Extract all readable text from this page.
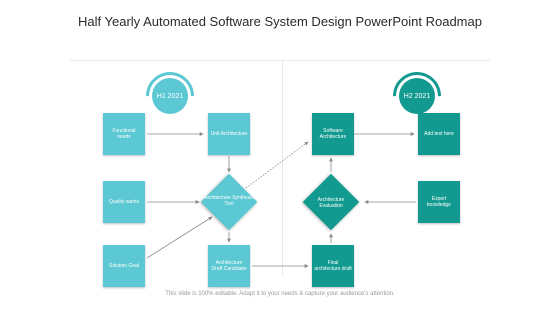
Half Yearly Automated Software System Design PowerPoint Roadmap
H1 2021	H2 2021
Functional needs
Unit Architecture
Quality wants
Solution Goal
Architecture Draft Candidate
Architecture Synthesis Tool
Software Architecture
Add text here
Expert knowledge
Final architecture draft
Architecture Evaluation
This slide is 100% editable. Adapt it to your needs & capture your audience's attention.
